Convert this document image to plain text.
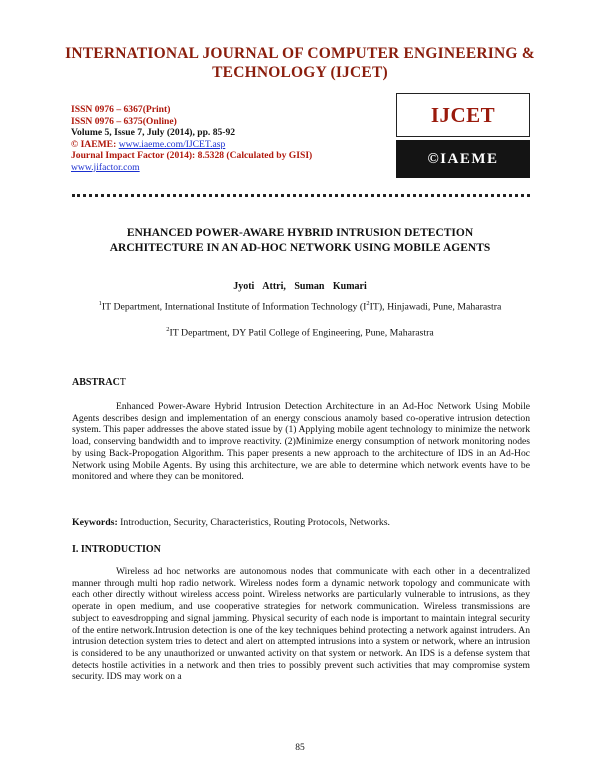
INTERNATIONAL JOURNAL OF COMPUTER ENGINEERING &
TECHNOLOGY (IJCET)
ISSN 0976 – 6367(Print)
ISSN 0976 – 6375(Online)
Volume 5, Issue 7, July (2014), pp. 85-92
© IAEME: www.iaeme.com/IJCET.asp
Journal Impact Factor (2014): 8.5328 (Calculated by GISI)
www.jifactor.com
IJCET
©IAEME
ENHANCED POWER-AWARE HYBRID INTRUSION DETECTION
ARCHITECTURE IN AN AD-HOC NETWORK USING MOBILE AGENTS
Jyoti Attri, Suman Kumari
$^1$IT Department, International Institute of Information Technology $(I^2IT)$, Hinjawadi, Pune, Maharastra
$^2$IT Department, DY Patil College of Engineering, Pune, Maharastra
ABSTRACT

Enhanced Power-Aware Hybrid Intrusion Detection Architecture in an Ad-Hoc Network Using Mobile Agents describes design and implementation of an energy conscious anamoly based co-operative intrusion detection system. This paper addresses the above stated issue by (1) Applying mobile agent technology to minimize the network load, conserving bandwidth and to improve reactivity. (2)Minimize energy consumption of network monitoring nodes by using Back-Propogation Algorithm. This paper presents a new approach to the architecture of IDS in an Ad-Hoc Network using Mobile Agents. By using this architecture, we are able to determine which network events have to be monitored and where they can be monitored.

Keywords: Introduction, Security, Characteristics, Routing Protocols, Networks.
I. INTRODUCTION

Wireless ad hoc networks are autonomous nodes that communicate with each other in a decentralized manner through multi hop radio network. Wireless nodes form a dynamic network topology and communicate with each other directly without wireless access point. Wireless networks are particularly vulnerable to intrusions, as they operate in open medium, and use cooperative strategies for network communication. Wireless transmissions are subject to eavesdropping and signal jamming. Physical security of each node is important to maintain integral security of the entire network.Intrusion detection is one of the key techniques behind protecting a network against intruders. An intrusion detection system tries to detect and alert on attempted intrusions into a system or network, where an intrusion is considered to be any unauthorized or unwanted activity on that system or network. An IDS is a defense system that detects hostile activities in a network and then tries to possibly prevent such activities that may compromise system security. IDS may work on a

85
